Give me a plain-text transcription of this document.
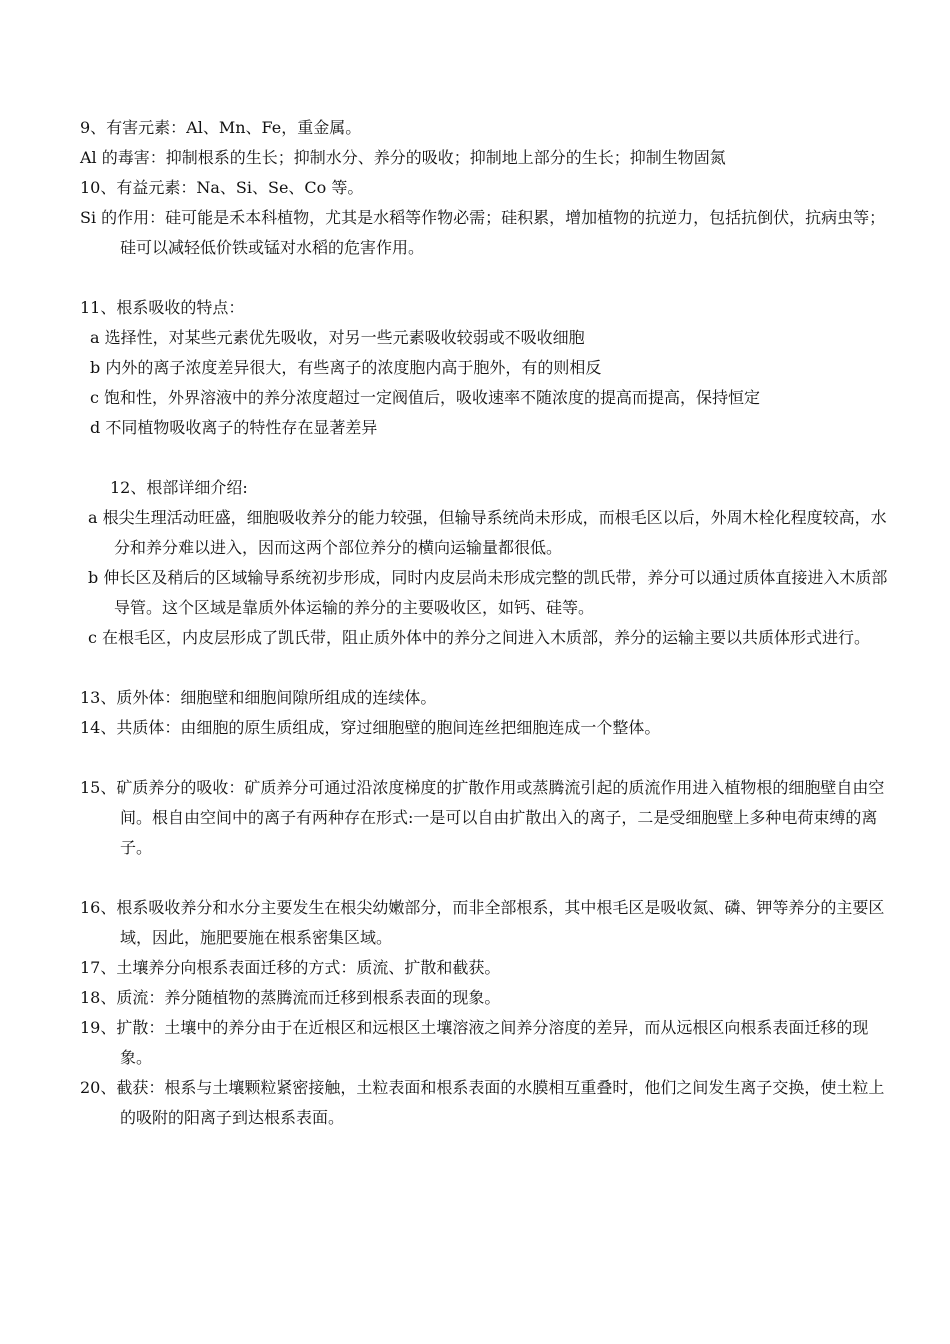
9、有害元素：Al、Mn、Fe，重金属。

Al 的毒害：抑制根系的生长；抑制水分、养分的吸收；抑制地上部分的生长；抑制生物固氮

10、有益元素：Na、Si、Se、Co 等。

Si 的作用：硅可能是禾本科植物，尤其是水稻等作物必需；硅积累，增加植物的抗逆力，包括抗倒伏，抗病虫等；硅可以减轻低价铁或锰对水稻的危害作用。

11、根系吸收的特点：

a 选择性，对某些元素优先吸收，对另一些元素吸收较弱或不吸收细胞

b 内外的离子浓度差异很大，有些离子的浓度胞内高于胞外，有的则相反

c 饱和性，外界溶液中的养分浓度超过一定阀值后，吸收速率不随浓度的提高而提高，保持恒定

d 不同植物吸收离子的特性存在显著差异

12、根部详细介绍:

a 根尖生理活动旺盛，细胞吸收养分的能力较强，但输导系统尚未形成，而根毛区以后，外周木栓化程度较高，水分和养分难以进入，因而这两个部位养分的横向运输量都很低。

b 伸长区及稍后的区域输导系统初步形成，同时内皮层尚未形成完整的凯氏带，养分可以通过质体直接进入木质部导管。这个区域是靠质外体运输的养分的主要吸收区，如钙、硅等。

c 在根毛区，内皮层形成了凯氏带，阻止质外体中的养分之间进入木质部，养分的运输主要以共质体形式进行。

13、质外体：细胞壁和细胞间隙所组成的连续体。

14、共质体：由细胞的原生质组成，穿过细胞壁的胞间连丝把细胞连成一个整体。

15、矿质养分的吸收：矿质养分可通过沿浓度梯度的扩散作用或蒸腾流引起的质流作用进入植物根的细胞壁自由空间。根自由空间中的离子有两种存在形式:一是可以自由扩散出入的离子，二是受细胞壁上多种电荷束缚的离子。

16、根系吸收养分和水分主要发生在根尖幼嫩部分，而非全部根系，其中根毛区是吸收氮、磷、钾等养分的主要区域，因此，施肥要施在根系密集区域。

17、土壤养分向根系表面迁移的方式：质流、扩散和截获。

18、质流：养分随植物的蒸腾流而迁移到根系表面的现象。

19、扩散：土壤中的养分由于在近根区和远根区土壤溶液之间养分溶度的差异，而从远根区向根系表面迁移的现象。

20、截获：根系与土壤颗粒紧密接触，土粒表面和根系表面的水膜相互重叠时，他们之间发生离子交换，使土粒上的吸附的阳离子到达根系表面。
